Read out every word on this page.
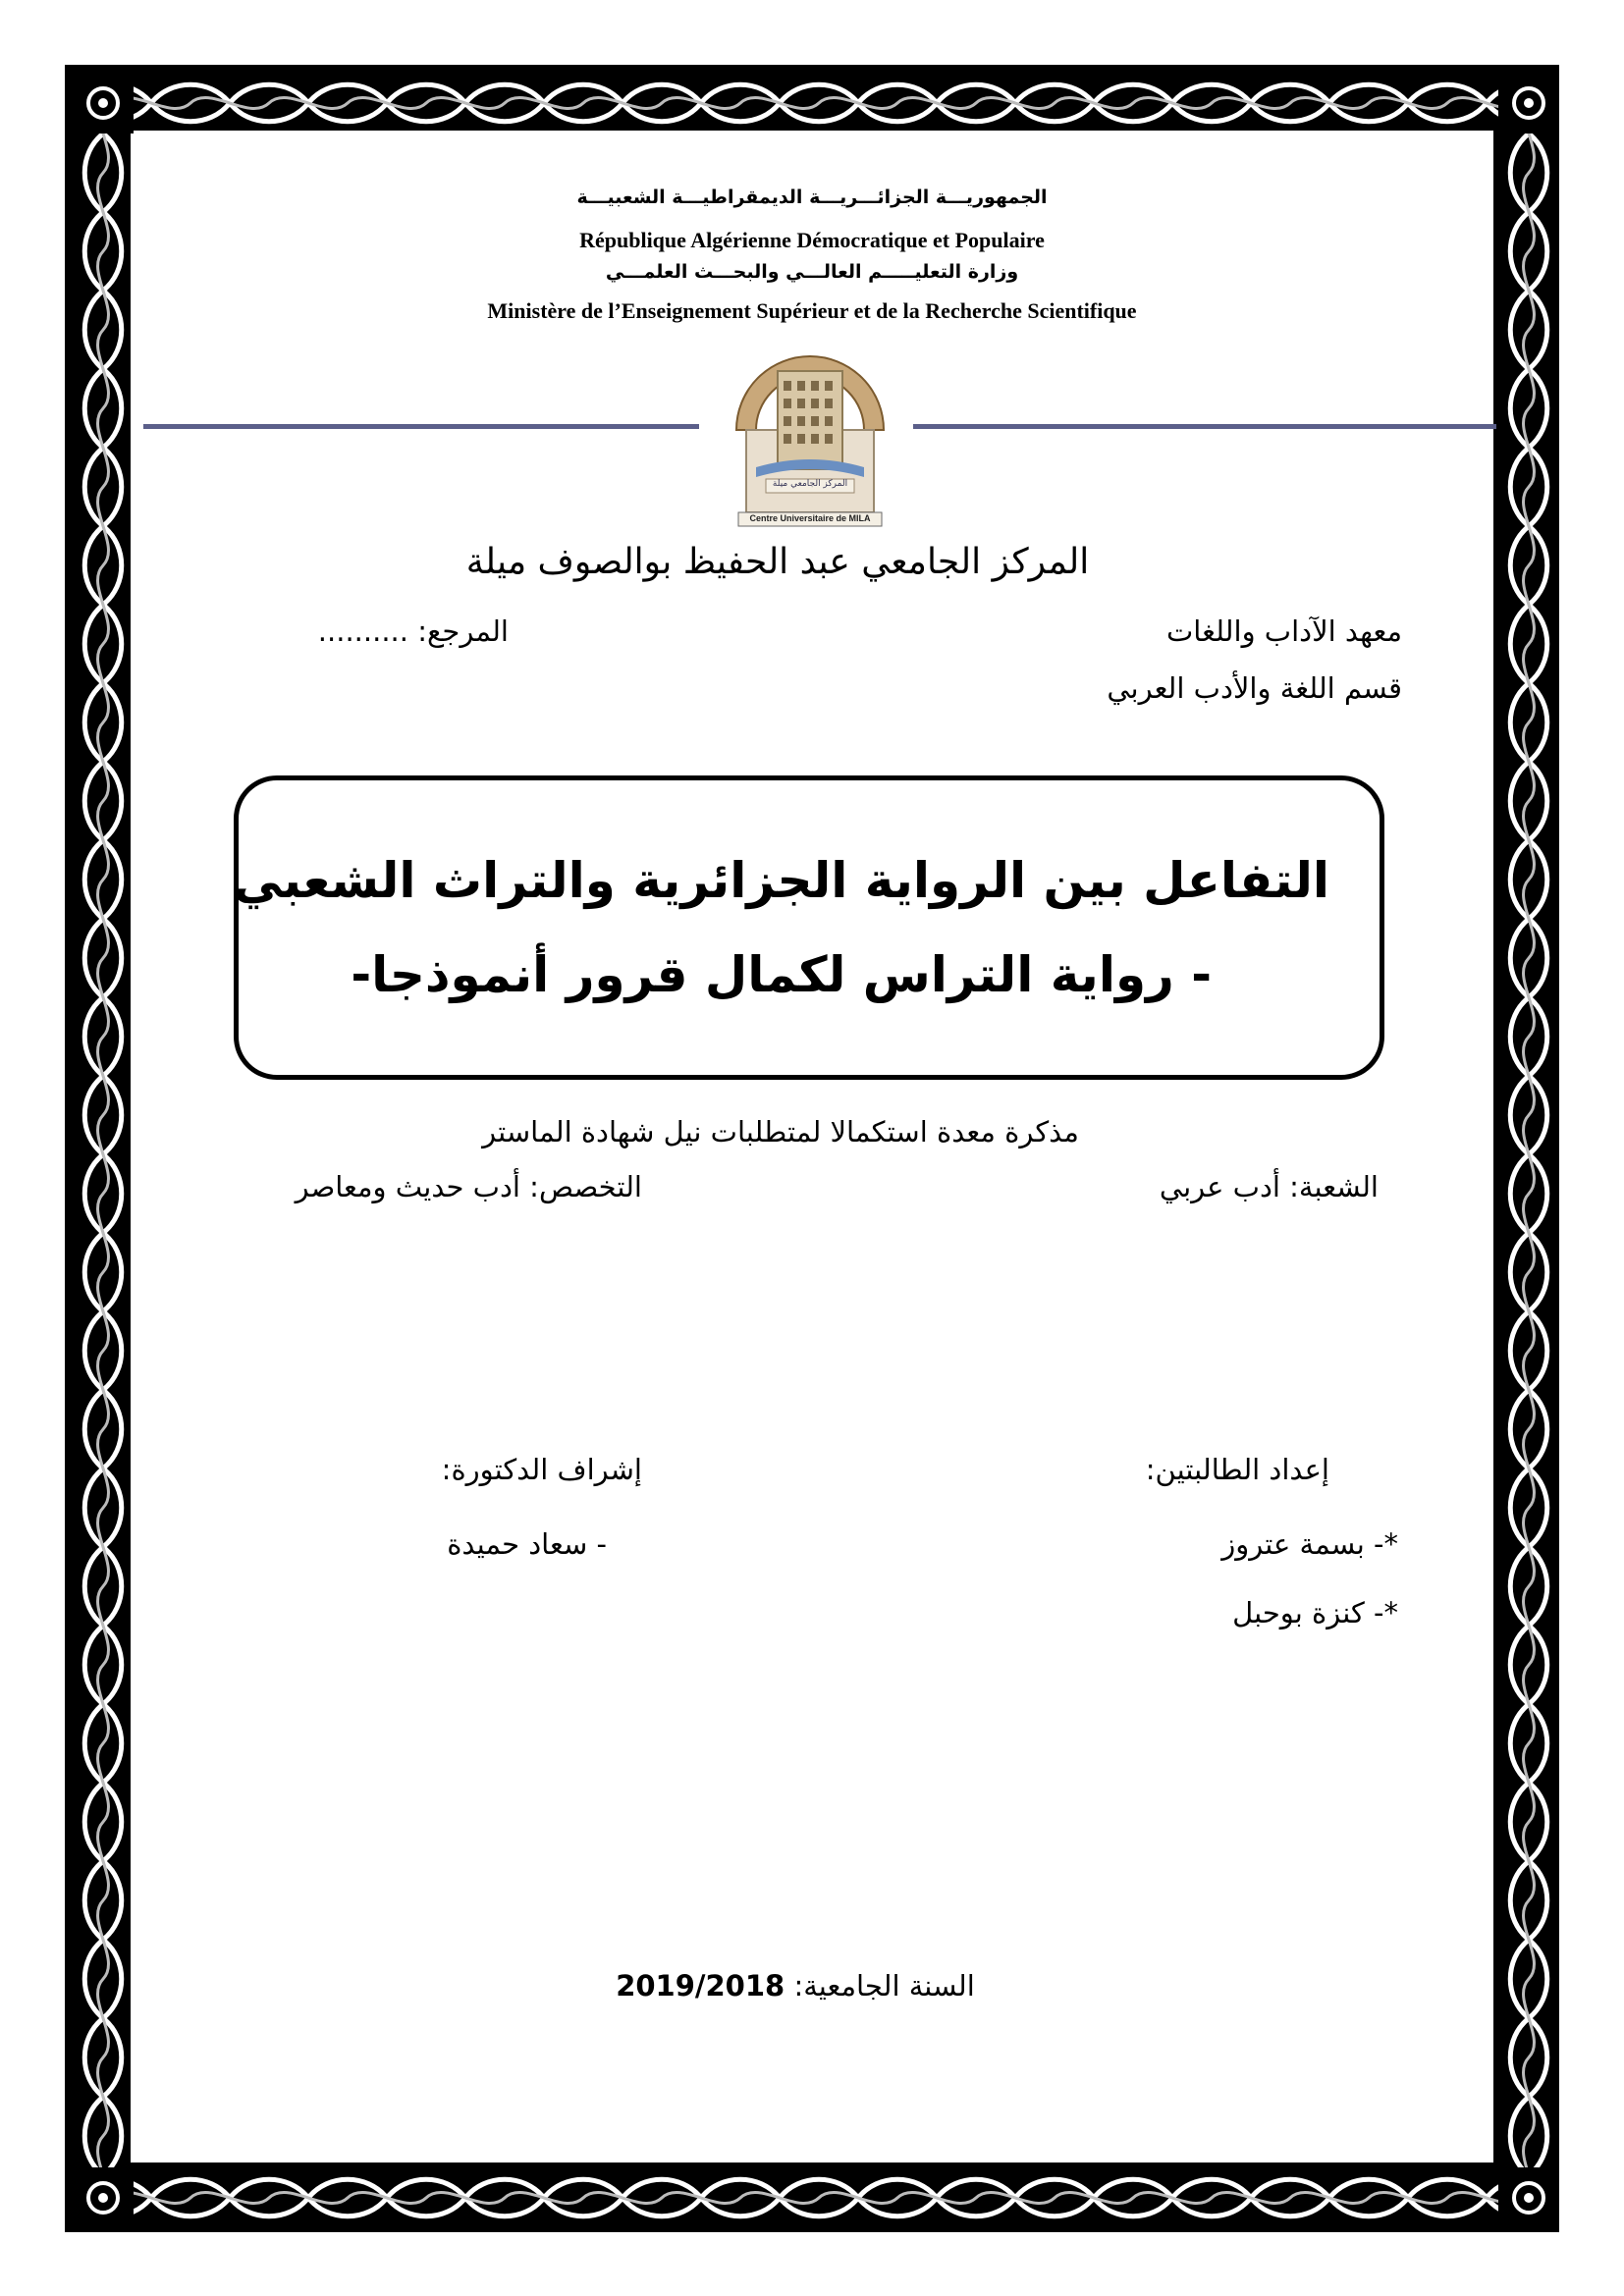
الجمهوريـــة الجزائـــريـــة الديمقراطيـــة الشعبيـــة
République Algérienne Démocratique et Populaire
وزارة التعليـــــم العالـــي والبحـــث العلمـــي
Ministère de l’Enseignement Supérieur et de la Recherche Scientifique
المركز الجامعي ميلة
Centre Universitaire de MILA
المركز الجامعي عبد الحفيظ بوالصوف ميلة
معهد الآداب واللغات
المرجع: ..........
قسم اللغة والأدب العربي
التفاعل بين الرواية الجزائرية والتراث الشعبي
- رواية التراس لكمال قرور أنموذجا-
مذكرة معدة استكمالا لمتطلبات نيل شهادة الماستر
الشعبة: أدب عربي
التخصص: أدب حديث ومعاصر
إعداد الطالبتين:
إشراف الدكتورة:
*- بسمة عتروز
- سعاد حميدة
*- كنزة بوحبل
السنة الجامعية: 2019/2018
